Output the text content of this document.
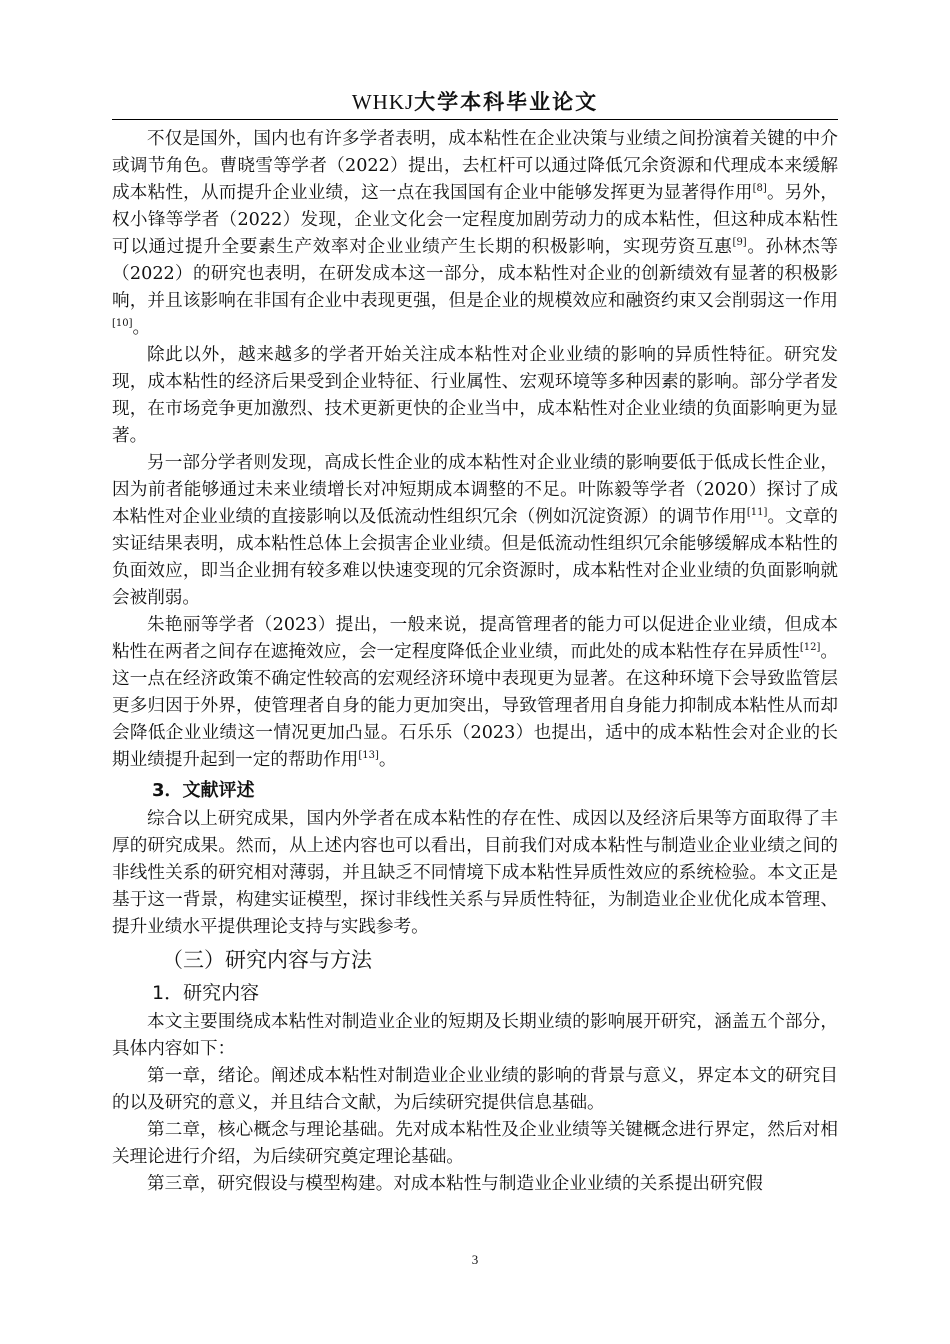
WHKJ大学本科毕业论文

不仅是国外，国内也有许多学者表明，成本粘性在企业决策与业绩之间扮演着关键的中介或调节角色。曹晓雪等学者（2022）提出，去杠杆可以通过降低冗余资源和代理成本来缓解成本粘性，从而提升企业业绩，这一点在我国国有企业中能够发挥更为显著得作用[8]。另外，权小锋等学者（2022）发现，企业文化会一定程度加剧劳动力的成本粘性，但这种成本粘性可以通过提升全要素生产效率对企业业绩产生长期的积极影响，实现劳资互惠[9]。孙林杰等（2022）的研究也表明，在研发成本这一部分，成本粘性对企业的创新绩效有显著的积极影响，并且该影响在非国有企业中表现更强，但是企业的规模效应和融资约束又会削弱这一作用[10]。

除此以外，越来越多的学者开始关注成本粘性对企业业绩的影响的异质性特征。研究发现，成本粘性的经济后果受到企业特征、行业属性、宏观环境等多种因素的影响。部分学者发现，在市场竞争更加激烈、技术更新更快的企业当中，成本粘性对企业业绩的负面影响更为显著。

另一部分学者则发现，高成长性企业的成本粘性对企业业绩的影响要低于低成长性企业，因为前者能够通过未来业绩增长对冲短期成本调整的不足。叶陈毅等学者（2020）探讨了成本粘性对企业业绩的直接影响以及低流动性组织冗余（例如沉淀资源）的调节作用[11]。文章的实证结果表明，成本粘性总体上会损害企业业绩。但是低流动性组织冗余能够缓解成本粘性的负面效应，即当企业拥有较多难以快速变现的冗余资源时，成本粘性对企业业绩的负面影响就会被削弱。

朱艳丽等学者（2023）提出，一般来说，提高管理者的能力可以促进企业业绩，但成本粘性在两者之间存在遮掩效应，会一定程度降低企业业绩，而此处的成本粘性存在异质性[12]。这一点在经济政策不确定性较高的宏观经济环境中表现更为显著。在这种环境下会导致监管层更多归因于外界，使管理者自身的能力更加突出，导致管理者用自身能力抑制成本粘性从而却会降低企业业绩这一情况更加凸显。石乐乐（2023）也提出，适中的成本粘性会对企业的长期业绩提升起到一定的帮助作用[13]。

3．文献评述

综合以上研究成果，国内外学者在成本粘性的存在性、成因以及经济后果等方面取得了丰厚的研究成果。然而，从上述内容也可以看出，目前我们对成本粘性与制造业企业业绩之间的非线性关系的研究相对薄弱，并且缺乏不同情境下成本粘性异质性效应的系统检验。本文正是基于这一背景，构建实证模型，探讨非线性关系与异质性特征，为制造业企业优化成本管理、提升业绩水平提供理论支持与实践参考。

（三）研究内容与方法
1．研究内容

本文主要围绕成本粘性对制造业企业的短期及长期业绩的影响展开研究，涵盖五个部分，具体内容如下：

第一章，绪论。阐述成本粘性对制造业企业业绩的影响的背景与意义，界定本文的研究目的以及研究的意义，并且结合文献，为后续研究提供信息基础。

第二章，核心概念与理论基础。先对成本粘性及企业业绩等关键概念进行界定，然后对相关理论进行介绍，为后续研究奠定理论基础。

第三章，研究假设与模型构建。对成本粘性与制造业企业业绩的关系提出研究假

3
